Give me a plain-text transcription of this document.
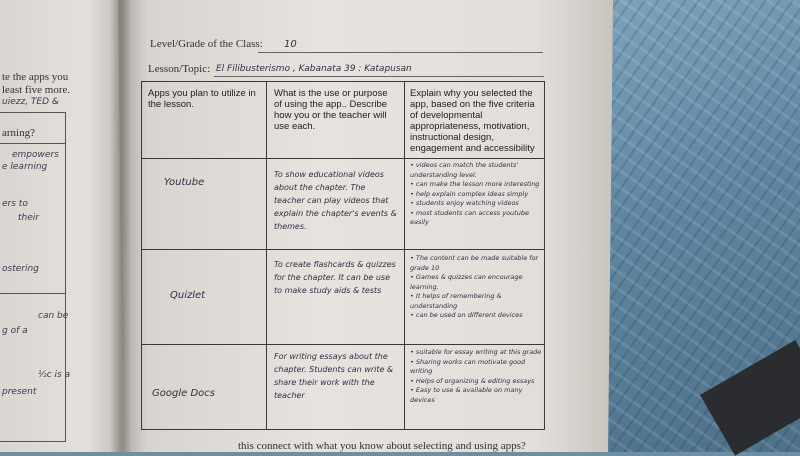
te the apps you
least five more.
uiezz, TED &
arning?
empowers
e learning
ers to
their
ostering
can be
g of a
½c is a
present
Level/Grade of the Class: 10
Lesson/Topic: El Filibusterismo , Kabanata 39 : Katapusan
Apps you plan to utilize in the lesson.
What is the use or purpose of using the app.. Describe how you or the teacher will use each.
Explain why you selected the app, based on the five criteria of developmental appropriateness, motivation, instructional design, engagement and accessibility
Youtube
To show educational videos about the chapter. The teacher can play videos that explain the chapter's events & themes.
• videos can match the students' understanding level.
• can make the lesson more interesting
• help explain complex ideas simply
• students enjoy watching videos
• most students can access youtube easily
Quizlet
To create flashcards & quizzes for the chapter. It can be use to make study aids & tests
• The content can be made suitable for grade 10
• Games & quizzes can encourage learning.
• It helps of remembering & understanding
• can be used on different devices
Google Docs
For writing essays about the chapter. Students can write & share their work with the teacher
• suitable for essay writing at this grade
• Sharing works can motivate good writing
• Helps of organizing & editing essays
• Easy to use & available on many devices
this connect with what you know about selecting and using apps?
